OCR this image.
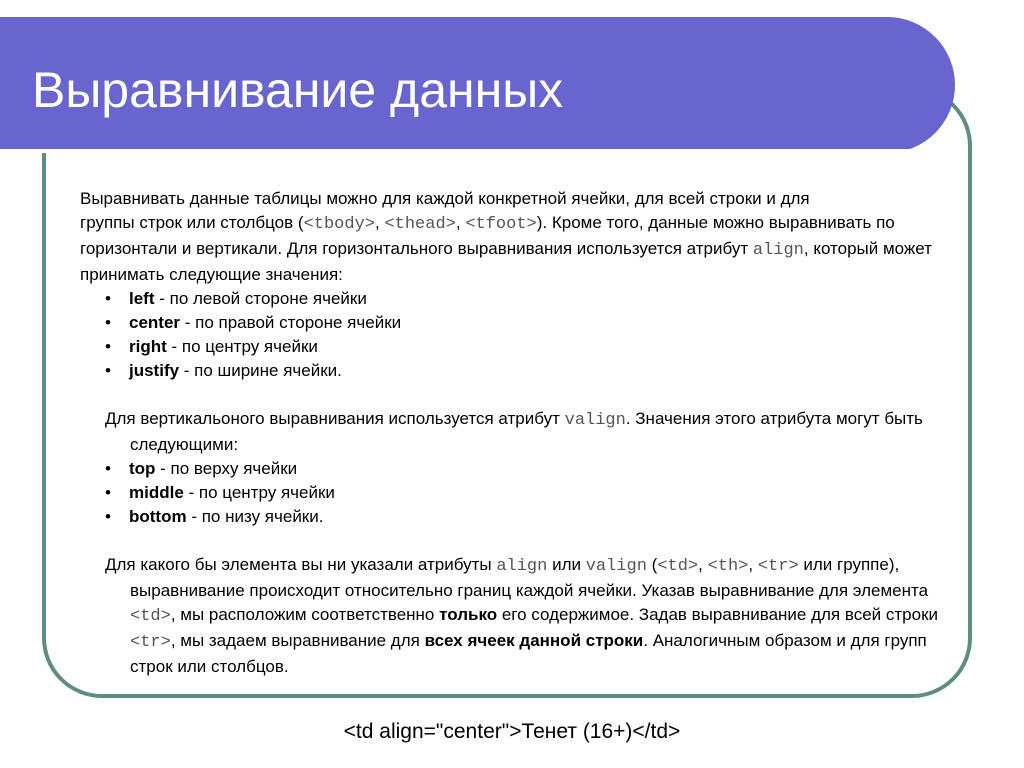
Выравнивание данных

Выравнивать данные таблицы можно для каждой конкретной ячейки, для всей строки и для
группы строк или столбцов (<tbody>, <thead>, <tfoot>). Кроме того, данные можно выравнивать по горизонтали и вертикали. Для горизонтального выравнивания используется атрибут align, который может принимать следующие значения:

• left - по левой стороне ячейки
• center - по правой стороне ячейки
• right - по центру ячейки
• justify - по ширине ячейки.

Для вертикальоного выравнивания используется атрибут valign. Значения этого атрибута могут быть следующими:

• top - по верху ячейки
• middle - по центру ячейки
• bottom - по низу ячейки.

Для какого бы элемента вы ни указали атрибуты align или valign (<td>, <th>, <tr> или группе), выравнивание происходит относительно границ каждой ячейки. Указав выравнивание для элемента <td>, мы расположим соответственно только его содержимое. Задав выравнивание для всей строки <tr>, мы задаем выравнивание для всех ячеек данной строки. Аналогичным образом и для групп строк или столбцов.

<td align="center">Тенет (16+)</td>
